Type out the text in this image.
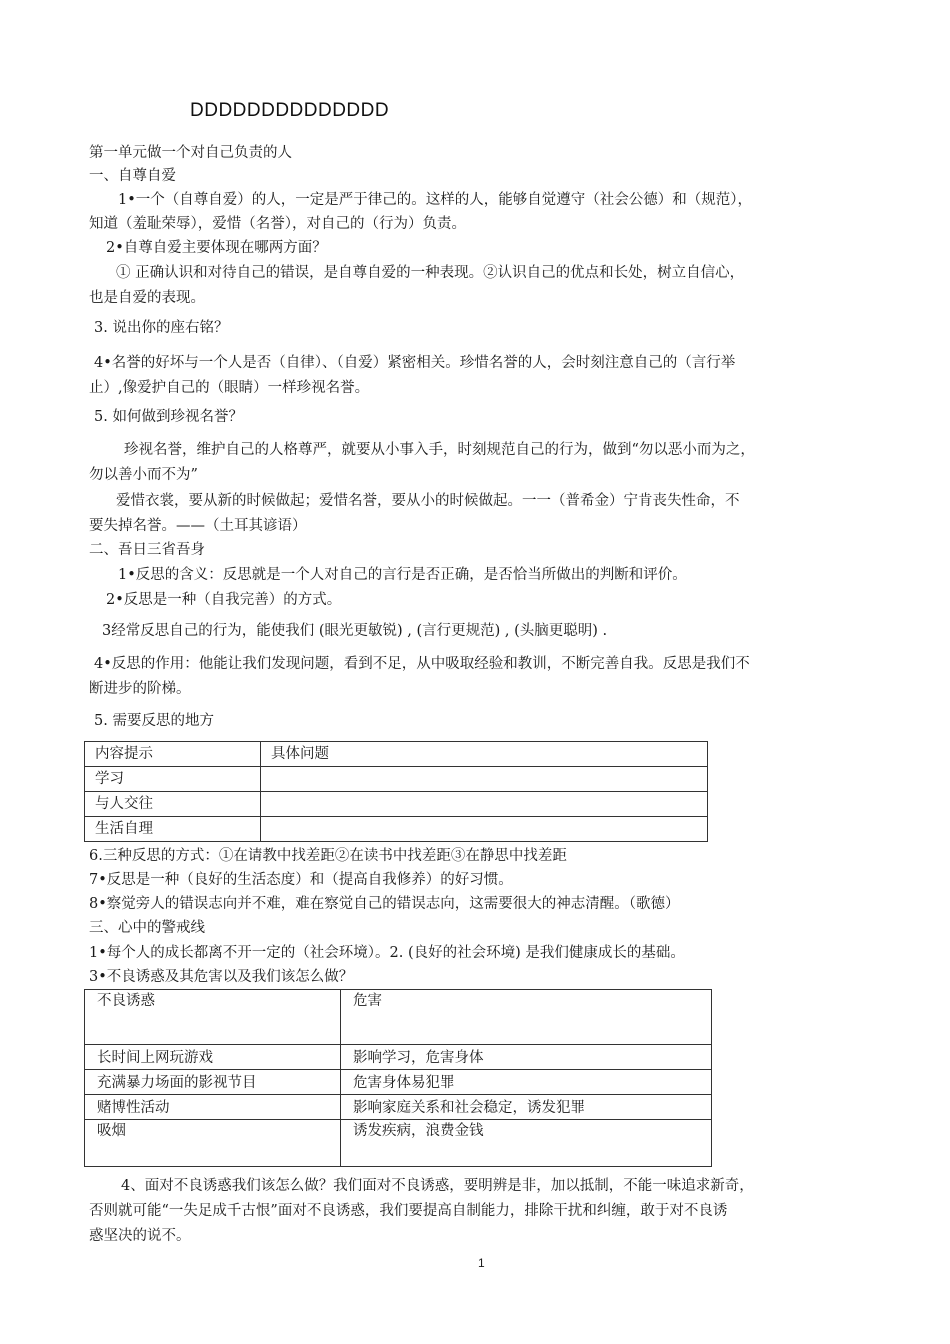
DDDDDDDDDDDDDD
第一单元做一个对自己负责的人
一、自尊自爱
1•一个（自尊自爱）的人，一定是严于律己的。这样的人，能够自觉遵守（社会公德）和（规范），
知道（羞耻荣辱），爱惜（名誉），对自己的（行为）负责。
2•自尊自爱主要体现在哪两方面？
① 正确认识和对待自己的错误，是自尊自爱的一种表现。②认识自己的优点和长处，树立自信心，
也是自爱的表现。
3. 说出你的座右铭？
4•名誉的好坏与一个人是否（自律）、（自爱）紧密相关。珍惜名誉的人，会时刻注意自己的（言行举
止）,像爱护自己的（眼睛）一样珍视名誉。
5. 如何做到珍视名誉？
珍视名誉，维护自己的人格尊严，就要从小事入手，时刻规范自己的行为，做到“勿以恶小而为之，
勿以善小而不为”
爱惜衣裳，要从新的时候做起；爱惜名誉，要从小的时候做起。一一（普希金）宁肯丧失性命，不
要失掉名誉。——（土耳其谚语）
二、吾日三省吾身
1•反思的含义：反思就是一个人对自己的言行是否正确，是否恰当所做出的判断和评价。
2•反思是一种（自我完善）的方式。
3经常反思自己的行为，能使我们 (眼光更敏锐) , (言行更规范) , (头脑更聪明) .
4•反思的作用：他能让我们发现问题，看到不足，从中吸取经验和教训，不断完善自我。反思是我们不
断进步的阶梯。
5. 需要反思的地方
内容提示	具体问题
学习	
与人交往	
生活自理	
6.三种反思的方式：①在请教中找差距②在读书中找差距③在静思中找差距
7•反思是一种（良好的生活态度）和（提高自我修养）的好习惯。
8•察觉旁人的错误志向并不难，难在察觉自己的错误志向，这需要很大的神志清醒。（歌德）
三、心中的警戒线
1•每个人的成长都离不开一定的（社会环境）。2. (良好的社会环境) 是我们健康成长的基础。
3•不良诱惑及其危害以及我们该怎么做？
不良诱惑	危害
长时间上网玩游戏	影响学习，危害身体
充满暴力场面的影视节目	危害身体易犯罪
赌博性活动	影响家庭关系和社会稳定，诱发犯罪
吸烟	诱发疾病，浪费金钱
4、面对不良诱惑我们该怎么做？我们面对不良诱惑，要明辨是非，加以抵制，不能一味追求新奇，
否则就可能“一失足成千古恨”面对不良诱惑，我们要提高自制能力，排除干扰和纠缠，敢于对不良诱
惑坚决的说不。
1
